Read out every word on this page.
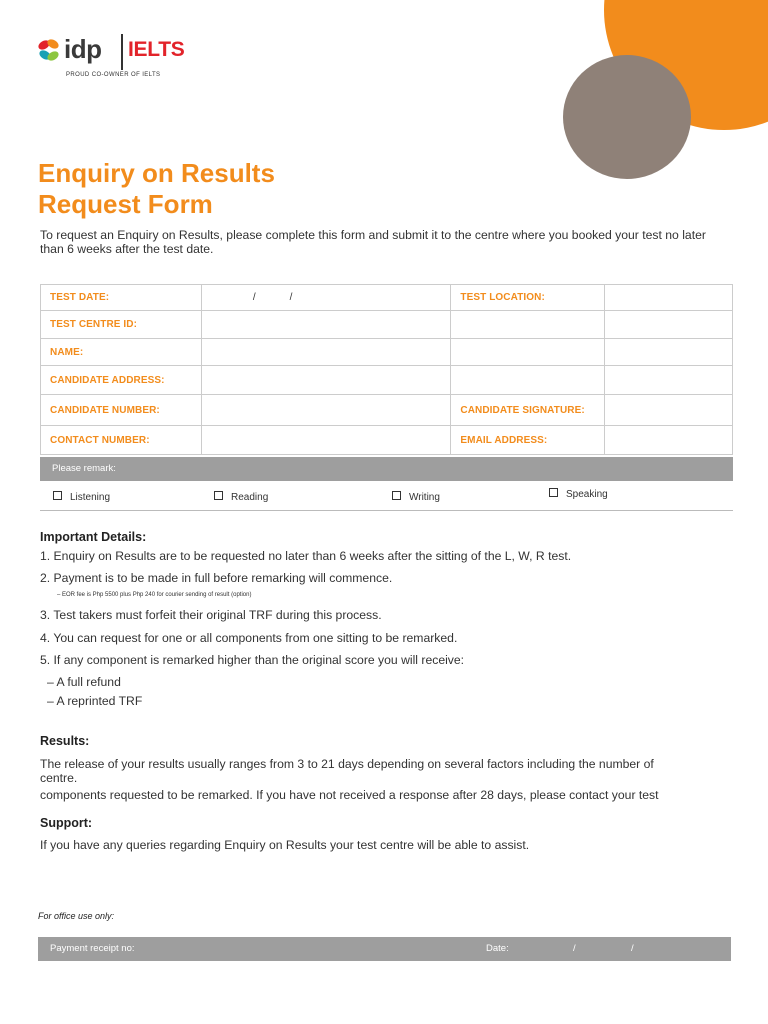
idp IELTS
PROUD CO-OWNER OF IELTS
Enquiry on Results
Request Form
To request an Enquiry on Results, please complete this form and submit it to the centre where you booked your test no later than 6 weeks after the test date.
TEST DATE:	/ /	TEST LOCATION:	
TEST CENTRE ID:			
NAME:			
CANDIDATE ADDRESS:			
CANDIDATE NUMBER:		CANDIDATE SIGNATURE:	
CONTACT NUMBER:		EMAIL ADDRESS:	
Please remark:
Listening	Reading	Writing	Speaking
Important Details:
1. Enquiry on Results are to be requested no later than 6 weeks after the sitting of the L, W, R test.
2. Payment is to be made in full before remarking will commence.
– EOR fee is Php 5500 plus Php 240 for courier sending of result (option)
3. Test takers must forfeit their original TRF during this process.
4. You can request for one or all components from one sitting to be remarked.
5. If any component is remarked higher than the original score you will receive:
– A full refund
– A reprinted TRF
Results:
The release of your results usually ranges from 3 to 21 days depending on several factors including the number of
centre.
components requested to be remarked. If you have not received a response after 28 days, please contact your test
Support:
If you have any queries regarding Enquiry on Results your test centre will be able to assist.
For office use only:
Payment receipt no:	Date:	/	/
